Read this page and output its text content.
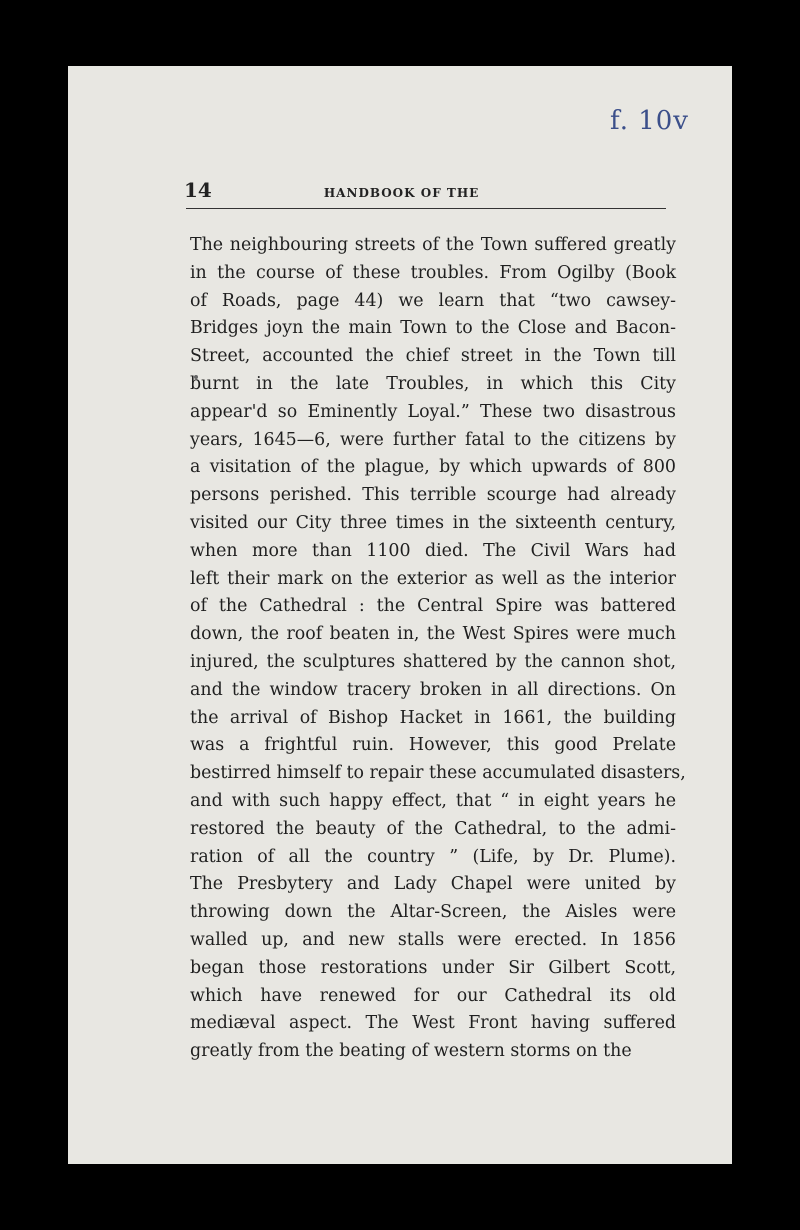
f. 10v
14	HANDBOOK OF THE
The neighbouring streets of the Town suffered greatly
in the course of these troubles. From Ogilby (Book
of Roads, page 44) we learn that “two cawsey-
Bridges joyn the main Town to the Close and Bacon-
Street, accounted the chief street in the Town till
burnt in the late Troubles, in which this City
appear'd so Eminently Loyal.” These two disastrous
years, 1645—6, were further fatal to the citizens by
a visitation of the plague, by which upwards of 800
persons perished. This terrible scourge had already
visited our City three times in the sixteenth century,
when more than 1100 died. The Civil Wars had
left their mark on the exterior as well as the interior
of the Cathedral : the Central Spire was battered
down, the roof beaten in, the West Spires were much
injured, the sculptures shattered by the cannon shot,
and the window tracery broken in all directions. On
the arrival of Bishop Hacket in 1661, the building
was a frightful ruin. However, this good Prelate
bestirred himself to repair these accumulated disasters,
and with such happy effect, that “ in eight years he
restored the beauty of the Cathedral, to the admi-
ration of all the country ” (Life, by Dr. Plume).
The Presbytery and Lady Chapel were united by
throwing down the Altar-Screen, the Aisles were
walled up, and new stalls were erected. In 1856
began those restorations under Sir Gilbert Scott,
which have renewed for our Cathedral its old
mediæval aspect. The West Front having suffered
greatly from the beating of western storms on the
